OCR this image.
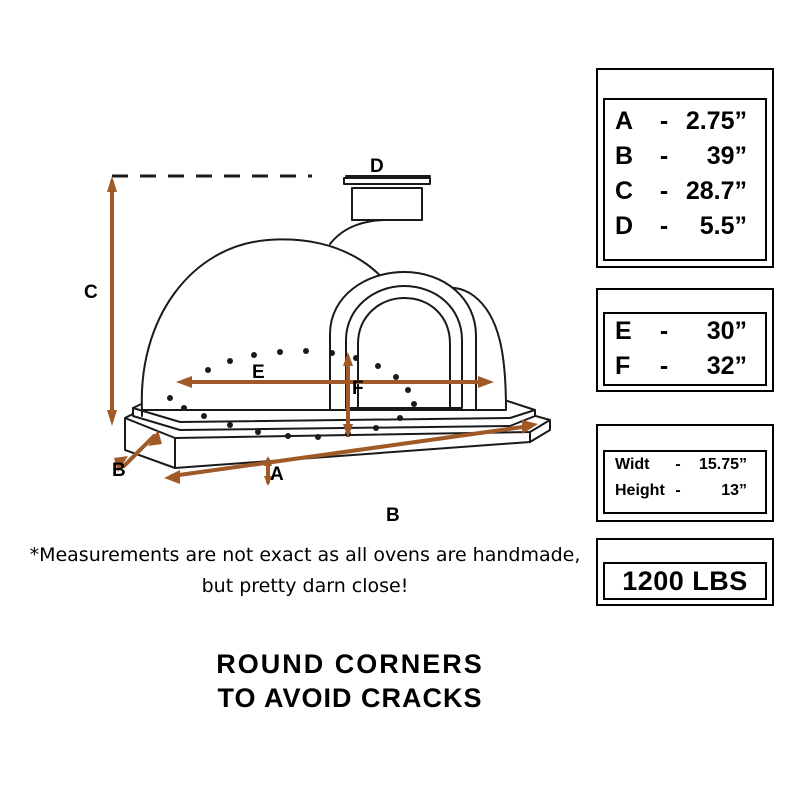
C
B
B
A
D
E
F
A	- 2.75”
B	-	39”
C	- 28.7”
D	-	5.5”
E	-	30”
F	-	32”
Widt	-	15.75”
Height -	13”
1200 LBS
*Measurements are not exact as all ovens are handmade,
but pretty darn close!
ROUND CORNERS
TO AVOID CRACKS
